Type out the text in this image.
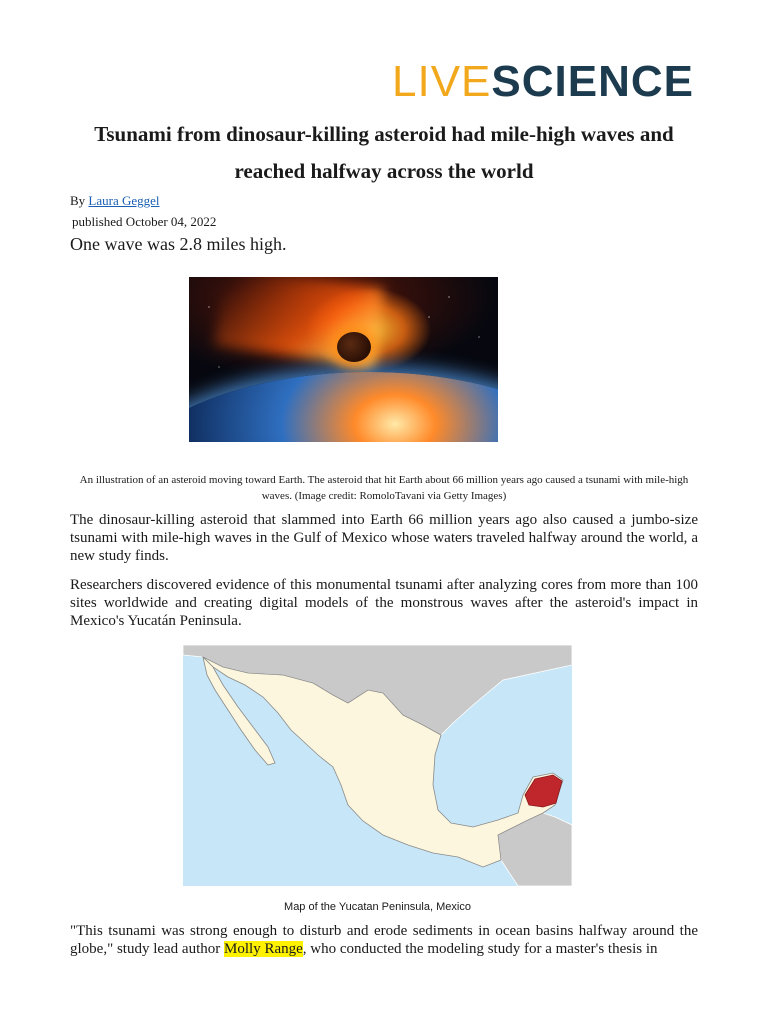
LIVESCIENCE
Tsunami from dinosaur-killing asteroid had mile-high waves and reached halfway across the world
By Laura Geggel
published October 04, 2022
One wave was 2.8 miles high.
An illustration of an asteroid moving toward Earth. The asteroid that hit Earth about 66 million years ago caused a tsunami with mile-high waves. (Image credit: RomoloTavani via Getty Images)

The dinosaur-killing asteroid that slammed into Earth 66 million years ago also caused a jumbo-size tsunami with mile-high waves in the Gulf of Mexico whose waters traveled halfway around the world, a new study finds.

Researchers discovered evidence of this monumental tsunami after analyzing cores from more than 100 sites worldwide and creating digital models of the monstrous waves after the asteroid's impact in Mexico's Yucatán Peninsula.

Map of the Yucatan Peninsula, Mexico

"This tsunami was strong enough to disturb and erode sediments in ocean basins halfway around the globe," study lead author Molly Range, who conducted the modeling study for a master's thesis in
